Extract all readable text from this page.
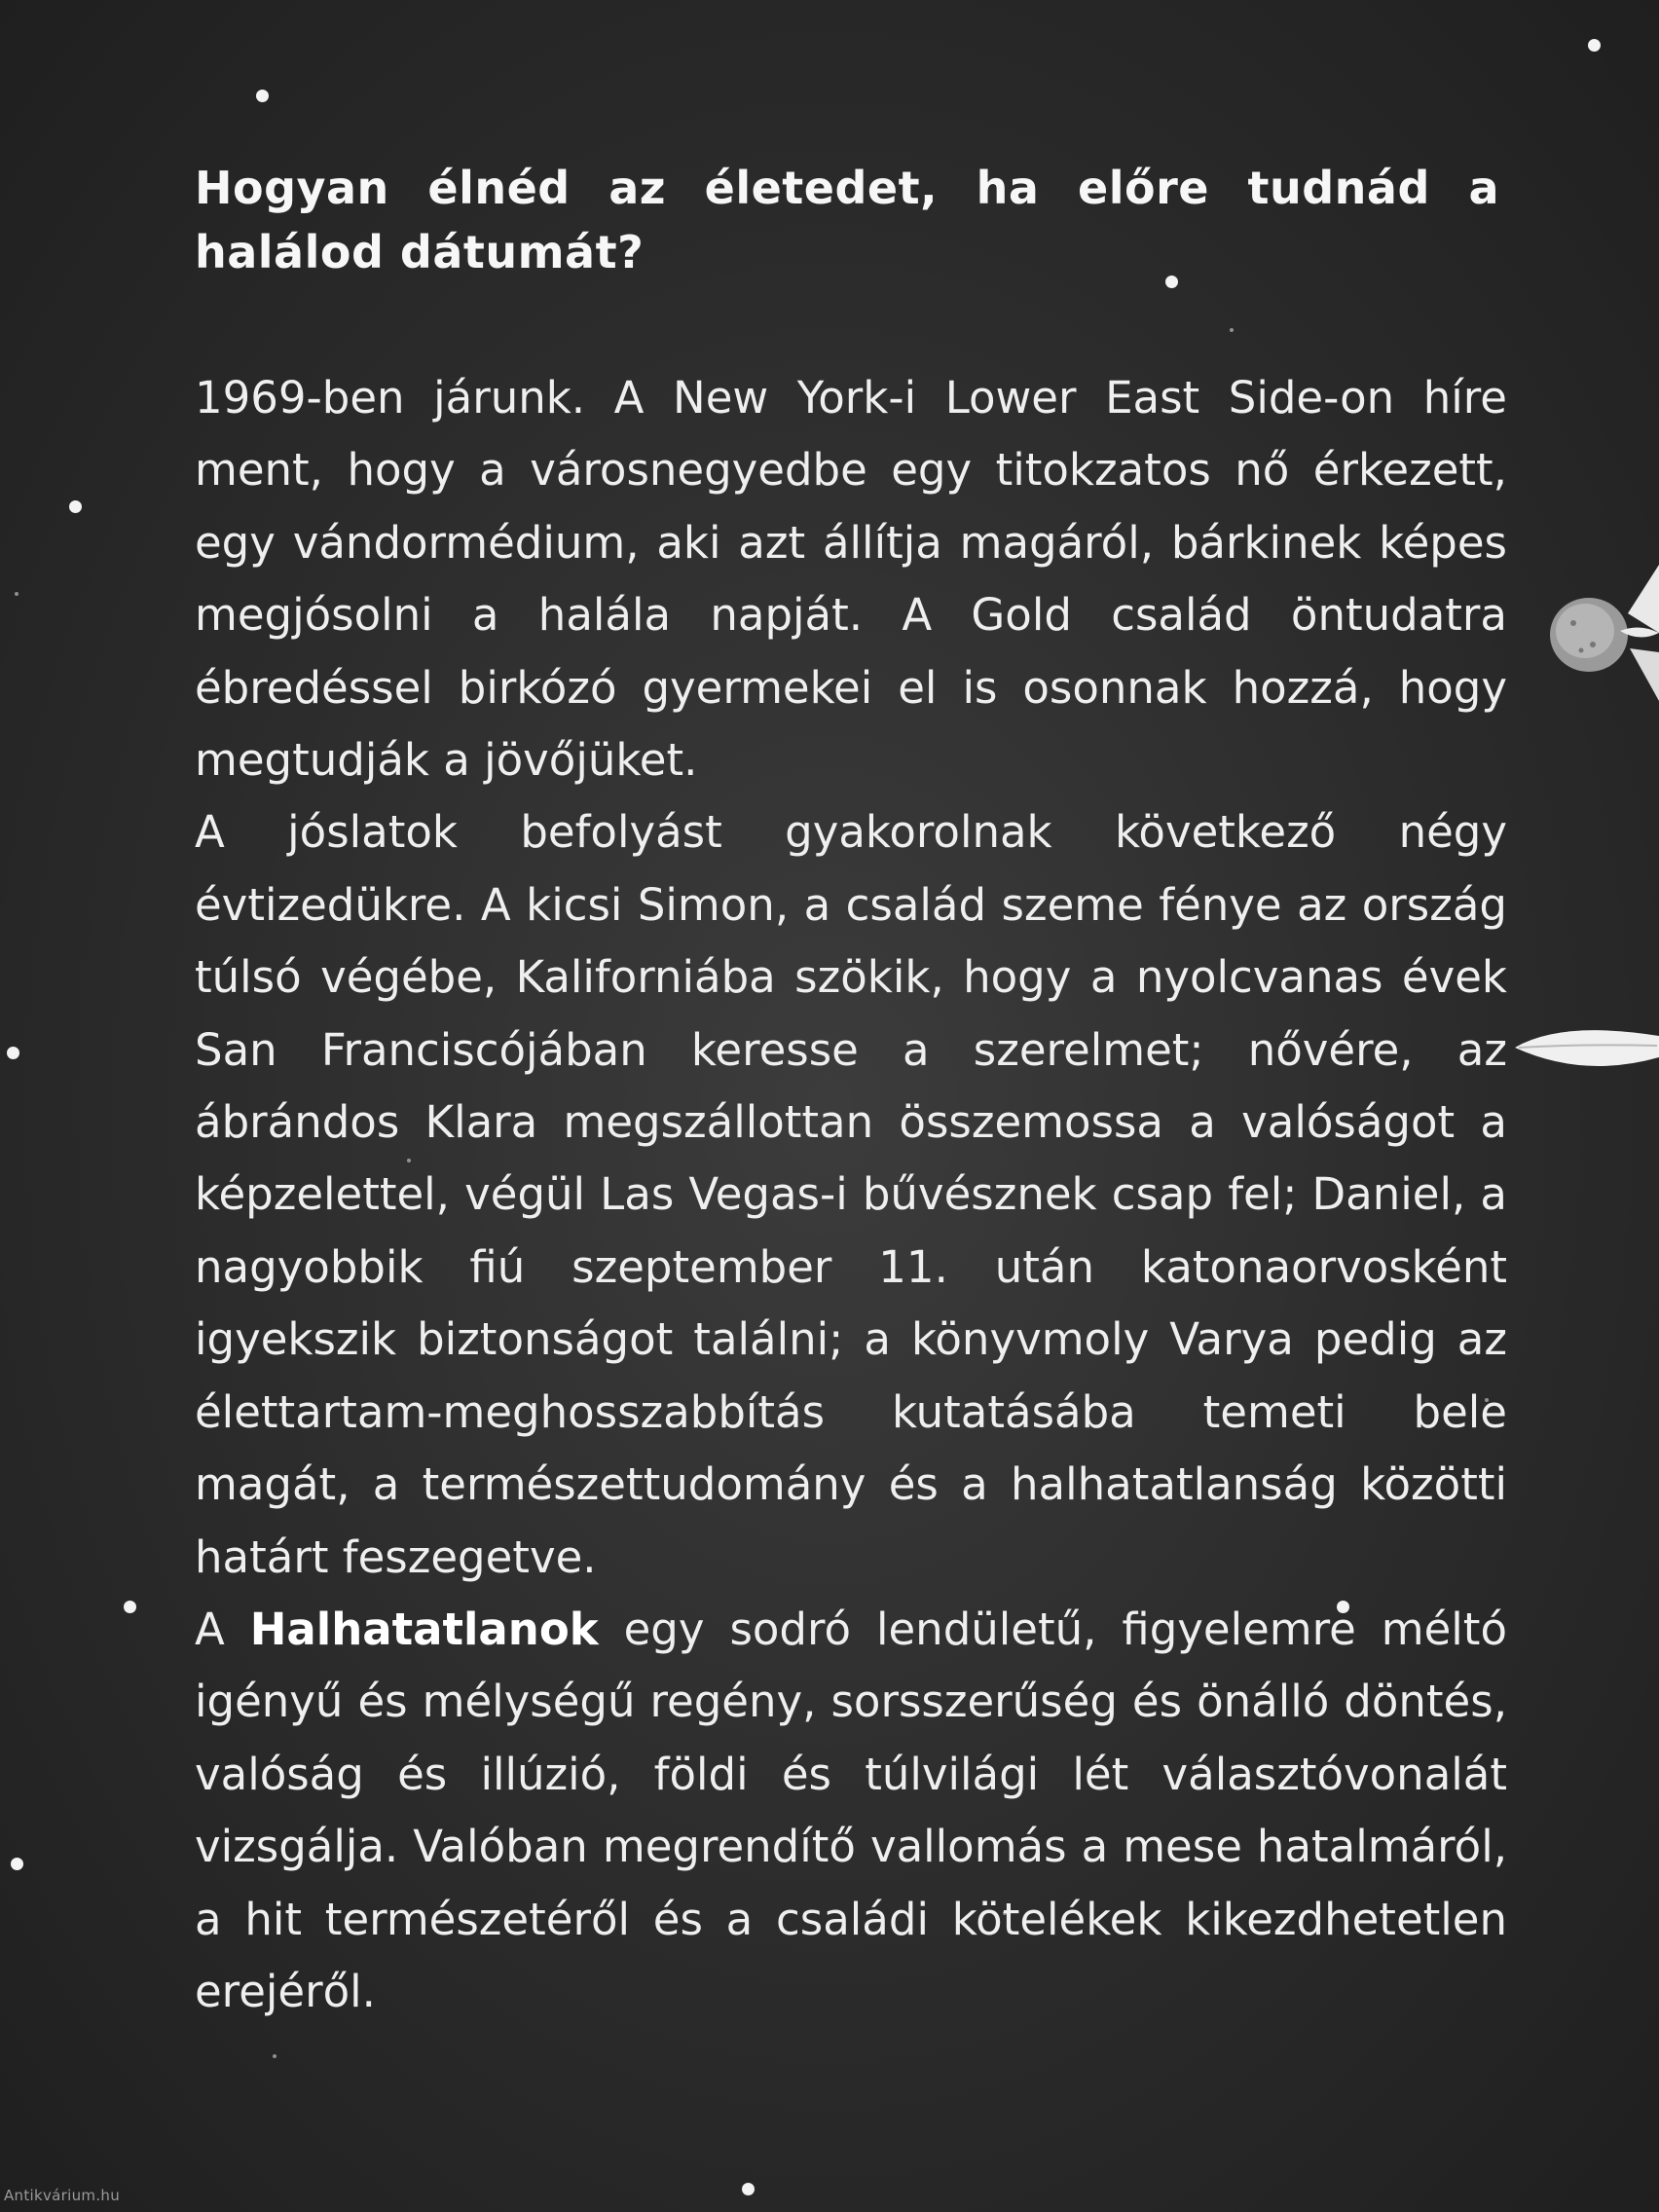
Hogyan élnéd az életedet, ha előre tudnád a halálod dátumát?

1969-ben járunk. A New York-i Lower East Side-on híre ment, hogy a városnegyedbe egy titokzatos nő érkezett, egy vándormédium, aki azt állítja magáról, bárkinek képes megjósolni a halála napját. A Gold család öntudatra ébredéssel birkózó gyermekei el is osonnak hozzá, hogy megtudják a jövőjüket.

A jóslatok befolyást gyakorolnak következő négy évtizedükre. A kicsi Simon, a család szeme fénye az ország túlsó végébe, Kaliforniába szökik, hogy a nyolcvanas évek San Franciscójában keresse a szerelmet; nővére, az ábrándos Klara megszállottan összemossa a valóságot a képzelettel, végül Las Vegas-i bűvésznek csap fel; Daniel, a nagyobbik fiú szeptember 11. után katonaorvosként igyekszik biztonságot találni; a könyvmoly Varya pedig az élettartam-meghosszabbítás kutatásába temeti bele magát, a természettudomány és a halhatatlanság közötti határt feszegetve.

A Halhatatlanok egy sodró lendületű, figyelemre méltó igényű és mélységű regény, sorsszerűség és önálló döntés, valóság és illúzió, földi és túlvilági lét választóvonalát vizsgálja. Valóban megrendítő vallomás a mese hatalmáról, a hit természetéről és a családi kötelékek kikezdhetetlen erejéről.

Antikvárium.hu
